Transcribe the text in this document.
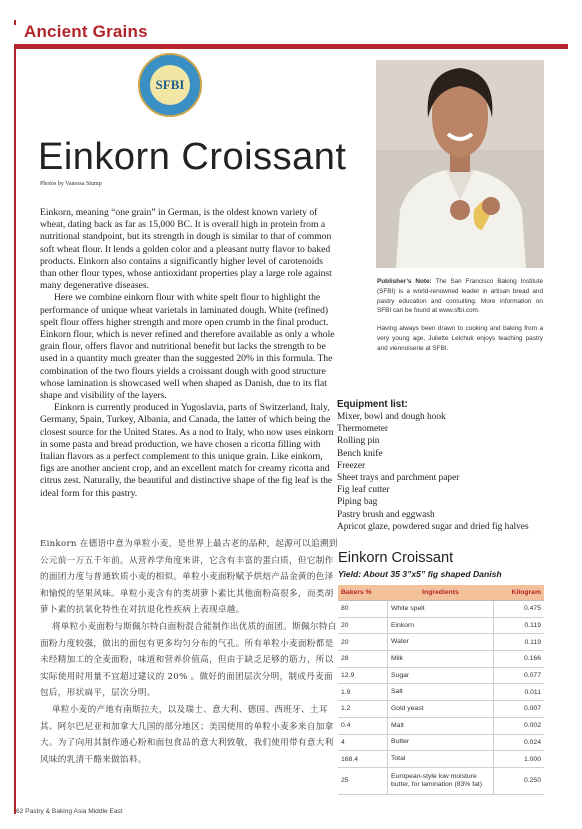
Ancient Grains
SFBI
Einkorn Croissant
Photos by Vanessa Stump

Einkorn, meaning “one grain” in German, is the oldest known variety of wheat, dating back as far as 15,000 BC. It is overall high in protein from a nutritional standpoint, but its strength in dough is similar to that of common soft wheat flour. It lends a golden color and a pleasant nutty flavor to baked products. Einkorn also contains a significantly higher level of carotenoids than other flour types, whose antioxidant properties play a large role against many degenerative diseases.

Here we combine einkorn flour with white spelt flour to highlight the performance of unique wheat varietals in laminated dough. White (refined) spelt flour offers higher strength and more open crumb in the final product. Einkorn flour, which is never refined and therefore available as only a whole grain flour, offers flavor and nutritional benefit but lacks the strength to be used in a quantity much greater than the suggested 20% in this formula. The combination of the two flours yields a croissant dough with good structure whose lamination is showcased well when shaped as Danish, due to its flat shape and visibility of the layers.

Einkorn is currently produced in Yugoslavia, parts of Switzerland, Italy, Germany, Spain, Turkey, Albania, and Canada, the latter of which being the closest source for the United States. As a nod to Italy, who now uses einkorn in some pasta and bread production, we have chosen a ricotta filling with Italian flavors as a perfect complement to this unique grain. Like einkorn, figs are another ancient crop, and an excellent match for creamy ricotta and citrus zest. Naturally, the beautiful and distinctive shape of the fig leaf is the ideal form for this pastry.

Einkorn 在德语中意为单粒小麦，是世界上最古老的品种，起源可以追溯到公元前一万五千年前。从营养学角度来讲，它含有丰富的蛋白质，但它制作的面团力度与普通软质小麦的相似。单粒小麦面粉赋予烘焙产品金黄的色泽和愉悦的坚果风味。单粒小麦含有的类胡萝卜素比其他面粉高很多，而类胡萝卜素的抗氧化特性在对抗退化性疾病上表现卓越。

将单粒小麦面粉与斯佩尔特白面粉混合能制作出优质的面团。斯佩尔特白面粉力度较强，做出的面包有更多均匀分布的气孔。所有单粒小麦面粉都是未经精加工的全麦面粉，味道和营养价值高，但由于缺乏足够的筋力，所以实际使用时用量不宜超过建议的 20% 。做好的面团层次分明，制成丹麦面包后，形状扁平，层次分明。

单粒小麦的产地有南斯拉夫，以及瑞士、意大利、德国、西班牙、土耳其、阿尔巴尼亚和加拿大几国的部分地区；美国使用的单粒小麦多来自加拿大。为了向用其制作通心粉和面包食品的意大利致敬，我们使用带有意大利风味的乳清干酪来做馅料。

Publisher’s Note: The San Francisco Baking Institute (SFBI) is a world-renowned leader in artisan bread and pastry education and consulting. More information on SFBI can be found at www.sfbi.com.

Having always been drawn to cooking and baking from a very young age, Juliette Lelchuk enjoys teaching pastry and viennoiserie at SFBI.

Equipment list:
Mixer, bowl and dough hook
Thermometer
Rolling pin
Bench knife
Freezer
Sheet trays and parchment paper
Fig leaf cutter
Piping bag
Pastry brush and eggwash
Apricot glaze, powdered sugar and dried fig halves
Einkorn Croissant
Yield: About 35 3”x5” fig shaped Danish
Bakers %	Ingredients	Kilogram
80	White spelt	0.475
20	Einkorn	0.119
20	Water	0.119
28	Milk	0.166
12.9	Sugar	0.077
1.9	Salt	0.011
1.2	Gold yeast	0.007
0.4	Malt	0.002
4	Butter	0.024
168.4	Total	1.000
25	European-style low moisture butter, for lamination (83% fat)	0.250
62 Pastry & Baking Asia Middle East
